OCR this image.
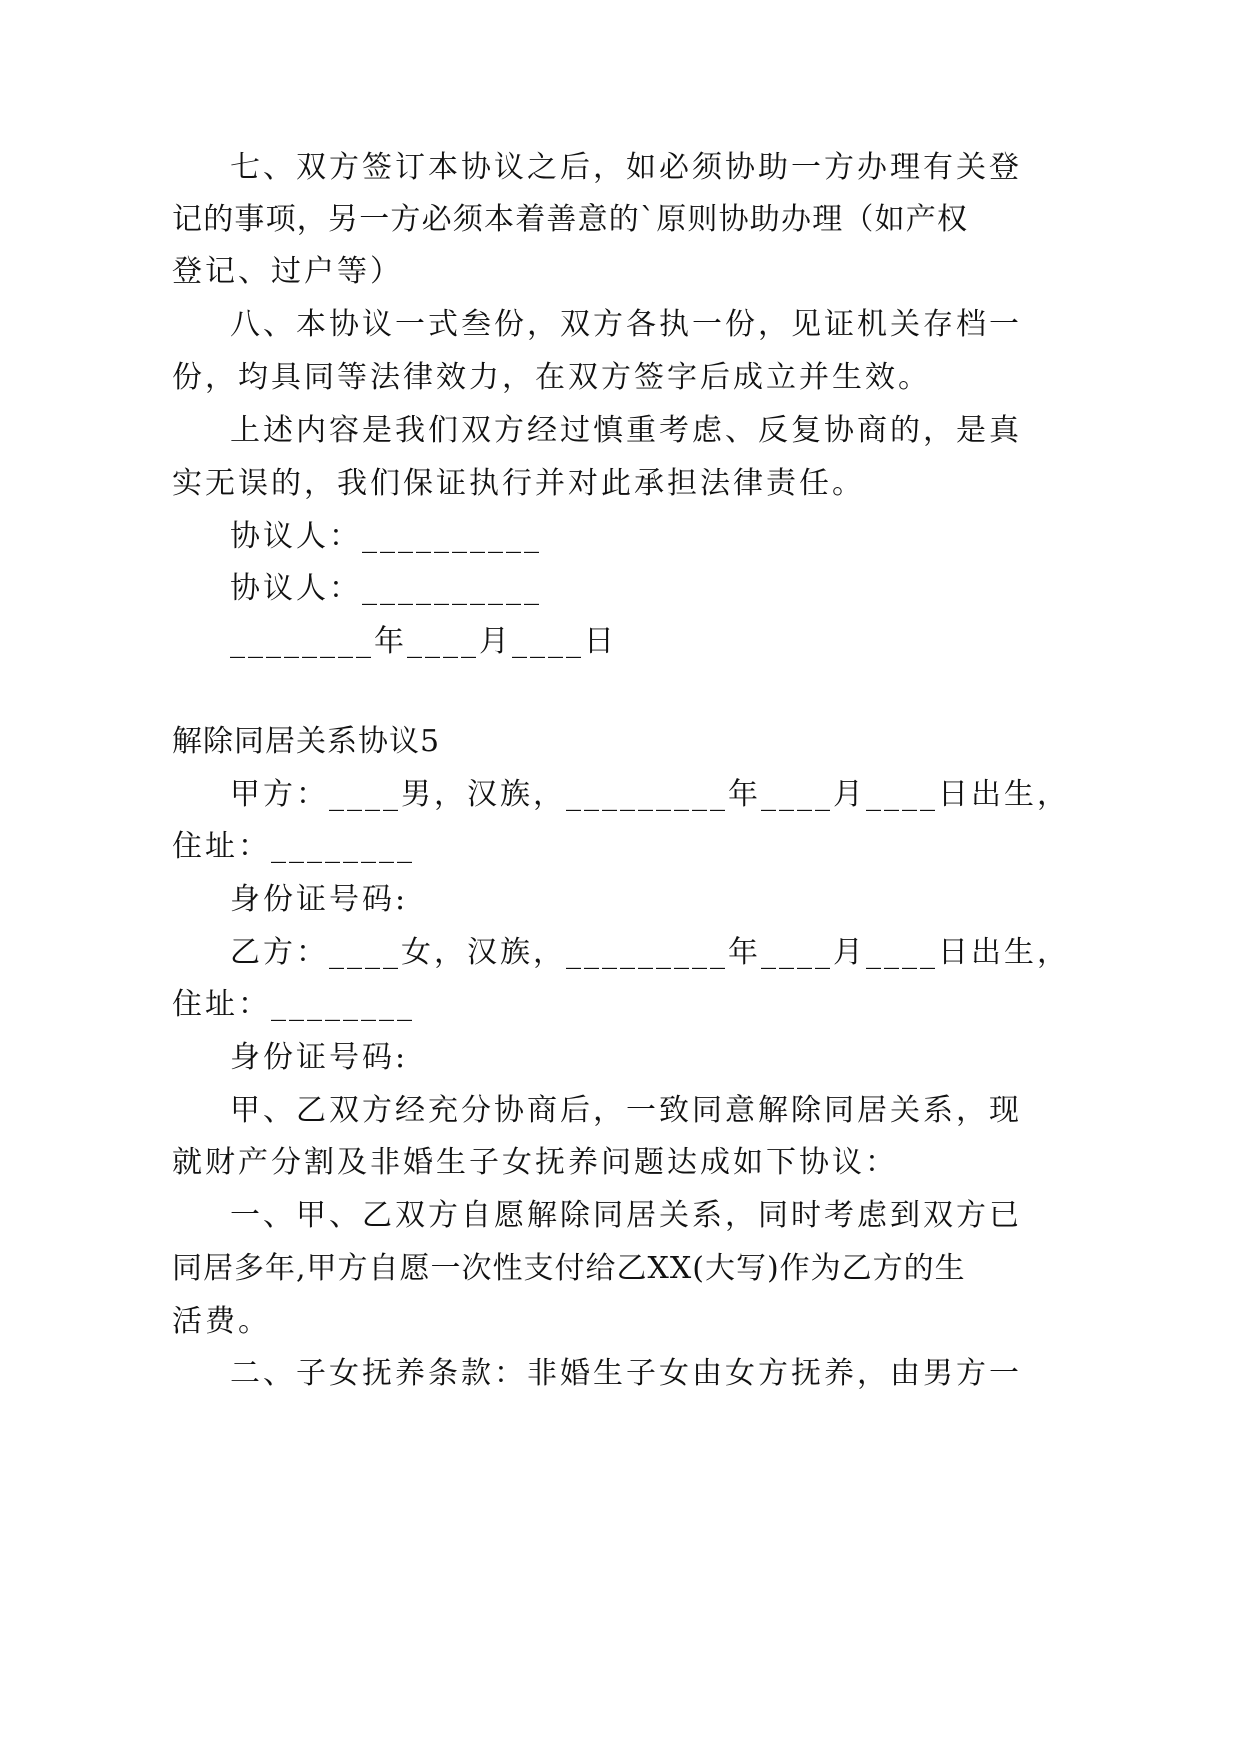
七、双方签订本协议之后，如必须协助一方办理有关登
记的事项，另一方必须本着善意的`原则协助办理（如产权
登记、过户等）
八、本协议一式叁份，双方各执一份，见证机关存档一
份，均具同等法律效力，在双方签字后成立并生效。
上述内容是我们双方经过慎重考虑、反复协商的，是真
实无误的，我们保证执行并对此承担法律责任。
协议人：__________
协议人：__________
________年____月____日
解除同居关系协议5
甲方：____男，汉族，_________年____月____日出生，
住址：________
身份证号码:
乙方：____女，汉族，_________年____月____日出生，
住址：________
身份证号码:
甲、乙双方经充分协商后，一致同意解除同居关系，现
就财产分割及非婚生子女抚养问题达成如下协议：
一、甲、乙双方自愿解除同居关系，同时考虑到双方已
同居多年,甲方自愿一次性支付给乙XX(大写)作为乙方的生
活费。
二、子女抚养条款：非婚生子女由女方抚养，由男方一
